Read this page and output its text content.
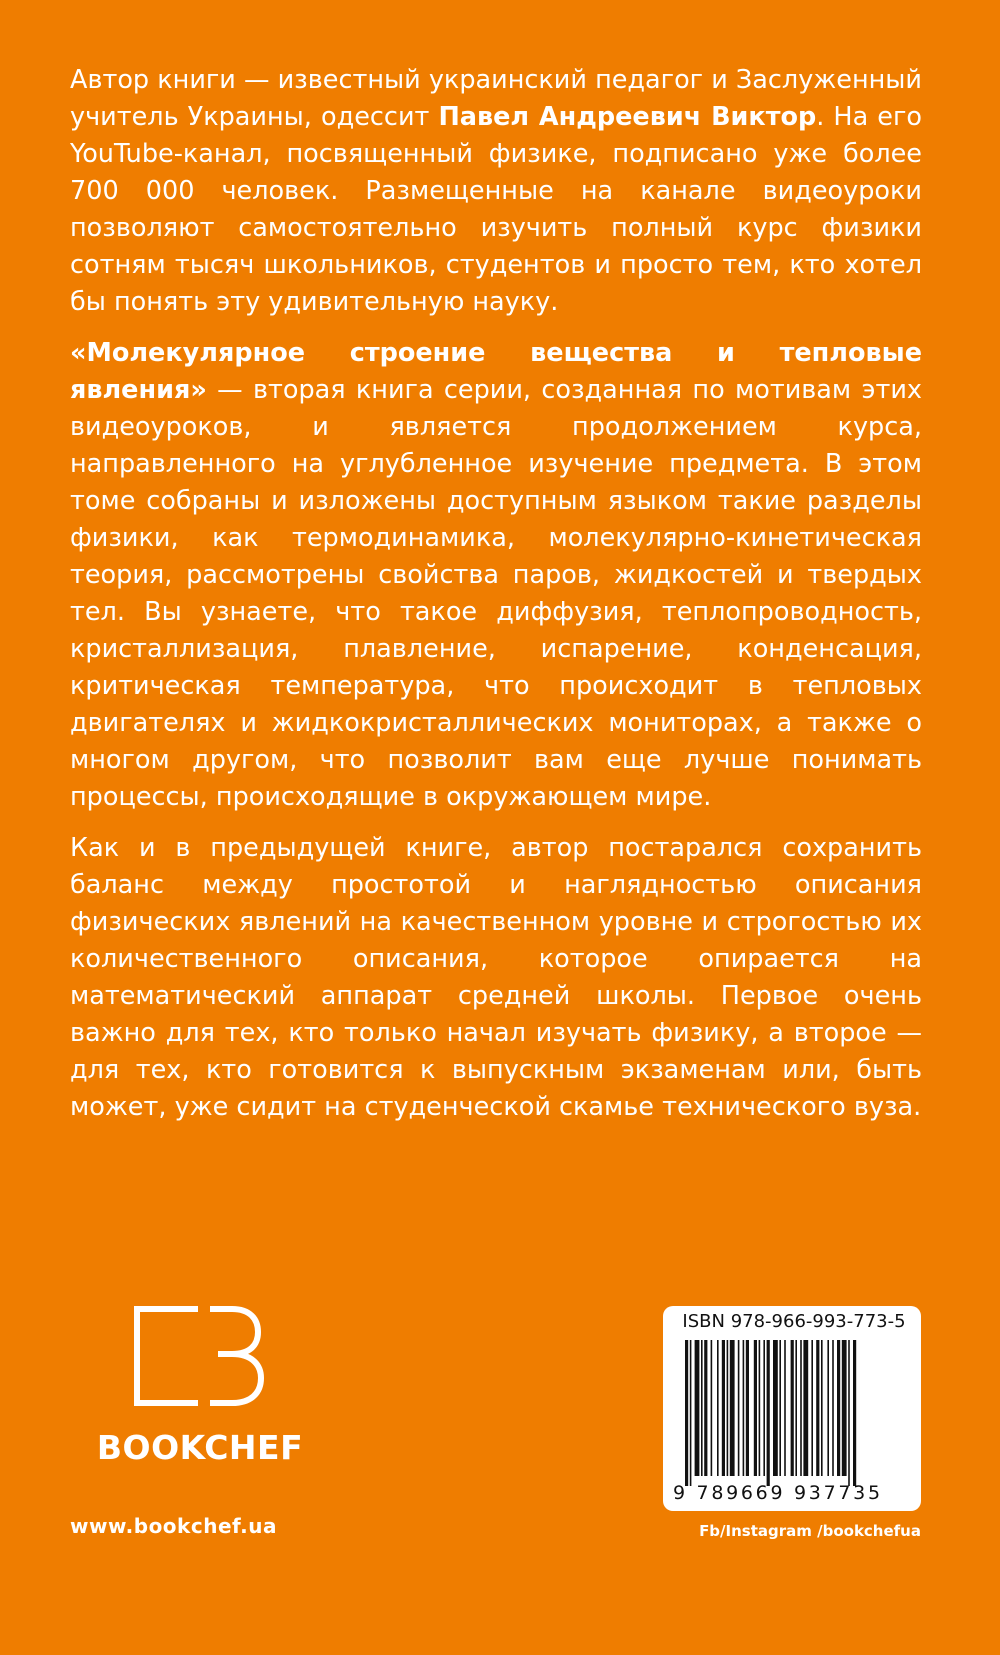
Автор книги — известный украинский педагог и Заслуженный учитель Украины, одессит Павел Андреевич Виктор. На его YouTube-канал, посвященный физике, подписано уже более 700 000 человек. Размещенные на канале видеоуроки позволяют самостоятельно изучить полный курс физики сотням тысяч школьников, студентов и просто тем, кто хотел бы понять эту удивительную науку.

«Молекулярное строение вещества и тепловые явления» — вторая книга серии, созданная по мотивам этих видеоуроков, и является продолжением курса, направленного на углубленное изучение предмета. В этом томе собраны и изложены доступным языком такие разделы физики, как термодинамика, молекулярно-кинетическая теория, рассмотрены свойства паров, жидкостей и твердых тел. Вы узнаете, что такое диффузия, теплопроводность, кристаллизация, плавление, испарение, конденсация, критическая температура, что происходит в тепловых двигателях и жидкокристаллических мониторах, а также о многом другом, что позволит вам еще лучше понимать процессы, происходящие в окружающем мире.

Как и в предыдущей книге, автор постарался сохранить баланс между простотой и наглядностью описания физических явлений на качественном уровне и строгостью их количественного описания, которое опирается на математический аппарат средней школы. Первое очень важно для тех, кто только начал изучать физику, а второе — для тех, кто готовится к выпускным экзаменам или, быть может, уже сидит на студенческой скамье технического вуза.

BOOKCHEF
www.bookchef.ua
ISBN 978-966-993-773-5
9 789669 937735
Fb/Instagram /bookchefua
